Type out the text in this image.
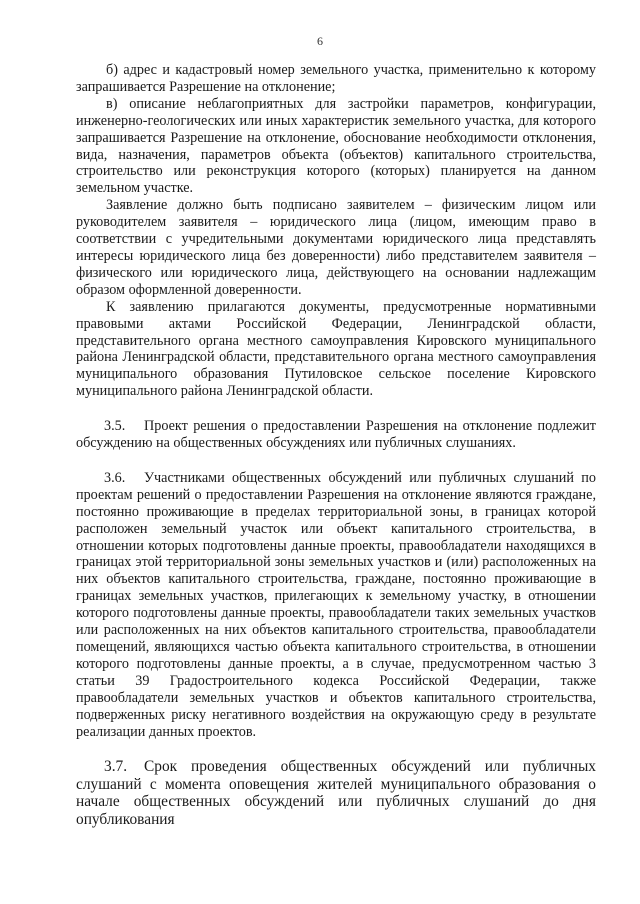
6

б) адрес и кадастровый номер земельного участка, применительно к которому запрашивается Разрешение на отклонение;

в) описание неблагоприятных для застройки параметров, конфигурации, инженерно-геологических или иных характеристик земельного участка, для которого запрашивается Разрешение на отклонение, обоснование необходимости отклонения, вида, назначения, параметров объекта (объектов) капитального строительства, строительство или реконструкция которого (которых) планируется на данном земельном участке.

Заявление должно быть подписано заявителем – физическим лицом или руководителем заявителя – юридического лица (лицом, имеющим право в соответствии с учредительными документами юридического лица представлять интересы юридического лица без доверенности) либо представителем заявителя – физического или юридического лица, действующего на основании надлежащим образом оформленной доверенности.

К заявлению прилагаются документы, предусмотренные нормативными правовыми актами Российской Федерации, Ленинградской области, представительного органа местного самоуправления Кировского муниципального района Ленинградской области, представительного органа местного самоуправления муниципального образования Путиловское сельское поселение Кировского муниципального района Ленинградской области.

3.5. Проект решения о предоставлении Разрешения на отклонение подлежит обсуждению на общественных обсуждениях или публичных слушаниях.

3.6. Участниками общественных обсуждений или публичных слушаний по проектам решений о предоставлении Разрешения на отклонение являются граждане, постоянно проживающие в пределах территориальной зоны, в границах которой расположен земельный участок или объект капитального строительства, в отношении которых подготовлены данные проекты, правообладатели находящихся в границах этой территориальной зоны земельных участков и (или) расположенных на них объектов капитального строительства, граждане, постоянно проживающие в границах земельных участков, прилегающих к земельному участку, в отношении которого подготовлены данные проекты, правообладатели таких земельных участков или расположенных на них объектов капитального строительства, правообладатели помещений, являющихся частью объекта капитального строительства, в отношении которого подготовлены данные проекты, а в случае, предусмотренном частью 3 статьи 39 Градостроительного кодекса Российской Федерации, также правообладатели земельных участков и объектов капитального строительства, подверженных риску негативного воздействия на окружающую среду в результате реализации данных проектов.

3.7. Срок проведения общественных обсуждений или публичных слушаний с момента оповещения жителей муниципального образования о начале общественных обсуждений или публичных слушаний до дня опубликования
